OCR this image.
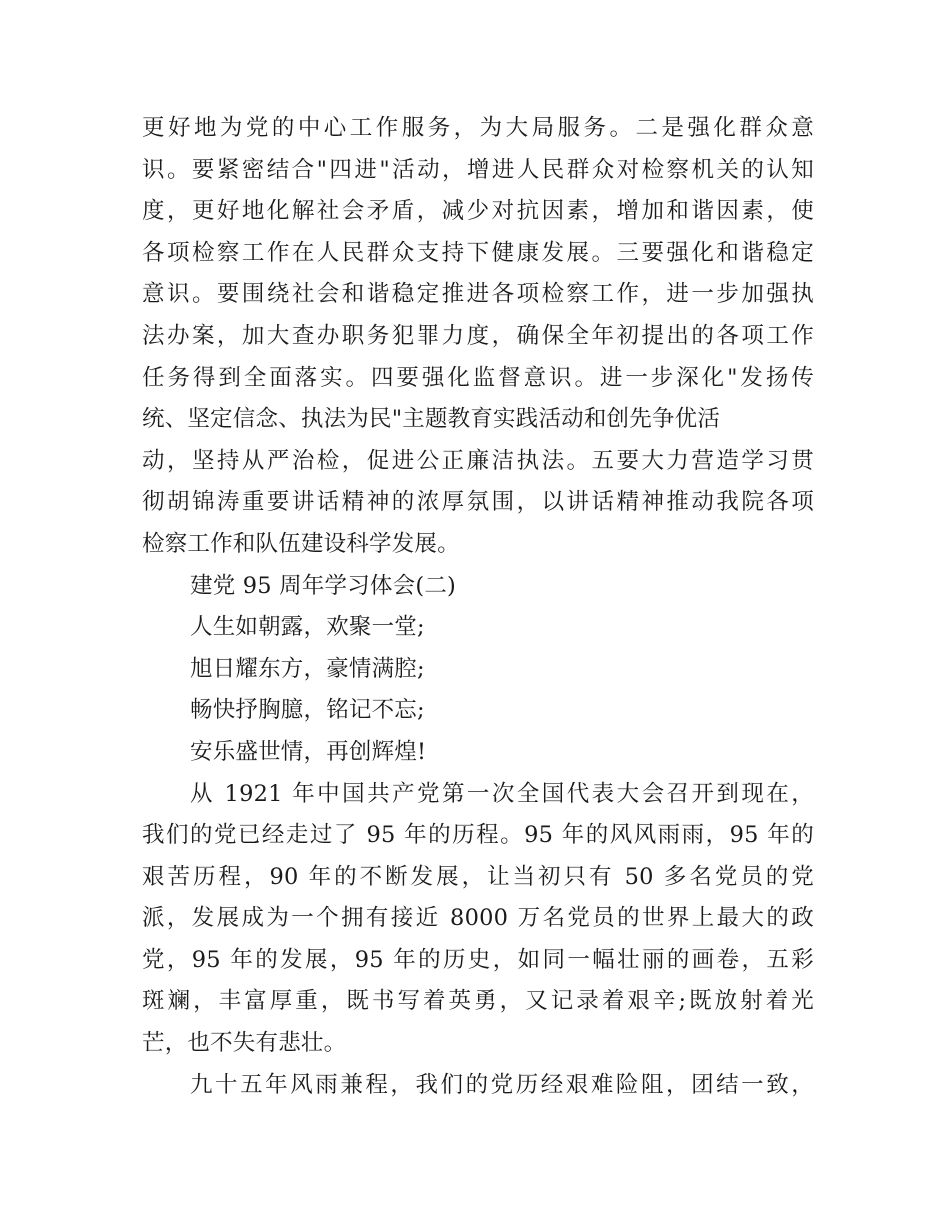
更好地为党的中心工作服务，为大局服务。二是强化群众意
识。要紧密结合"四进"活动，增进人民群众对检察机关的认知
度，更好地化解社会矛盾，减少对抗因素，增加和谐因素，使
各项检察工作在人民群众支持下健康发展。三要强化和谐稳定
意识。要围绕社会和谐稳定推进各项检察工作，进一步加强执
法办案，加大查办职务犯罪力度，确保全年初提出的各项工作
任务得到全面落实。四要强化监督意识。进一步深化"发扬传
统、坚定信念、执法为民"主题教育实践活动和创先争优活
动，坚持从严治检，促进公正廉洁执法。五要大力营造学习贯
彻胡锦涛重要讲话精神的浓厚氛围，以讲话精神推动我院各项
检察工作和队伍建设科学发展。
建党 95 周年学习体会(二)
人生如朝露，欢聚一堂;
旭日耀东方，豪情满腔;
畅快抒胸臆，铭记不忘;
安乐盛世情，再创辉煌!
从 1921 年中国共产党第一次全国代表大会召开到现在，
我们的党已经走过了 95 年的历程。95 年的风风雨雨，95 年的
艰苦历程，90 年的不断发展，让当初只有 50 多名党员的党
派，发展成为一个拥有接近 8000 万名党员的世界上最大的政
党，95 年的发展，95 年的历史，如同一幅壮丽的画卷，五彩
斑斓，丰富厚重，既书写着英勇，又记录着艰辛;既放射着光
芒，也不失有悲壮。
九十五年风雨兼程，我们的党历经艰难险阻，团结一致，
